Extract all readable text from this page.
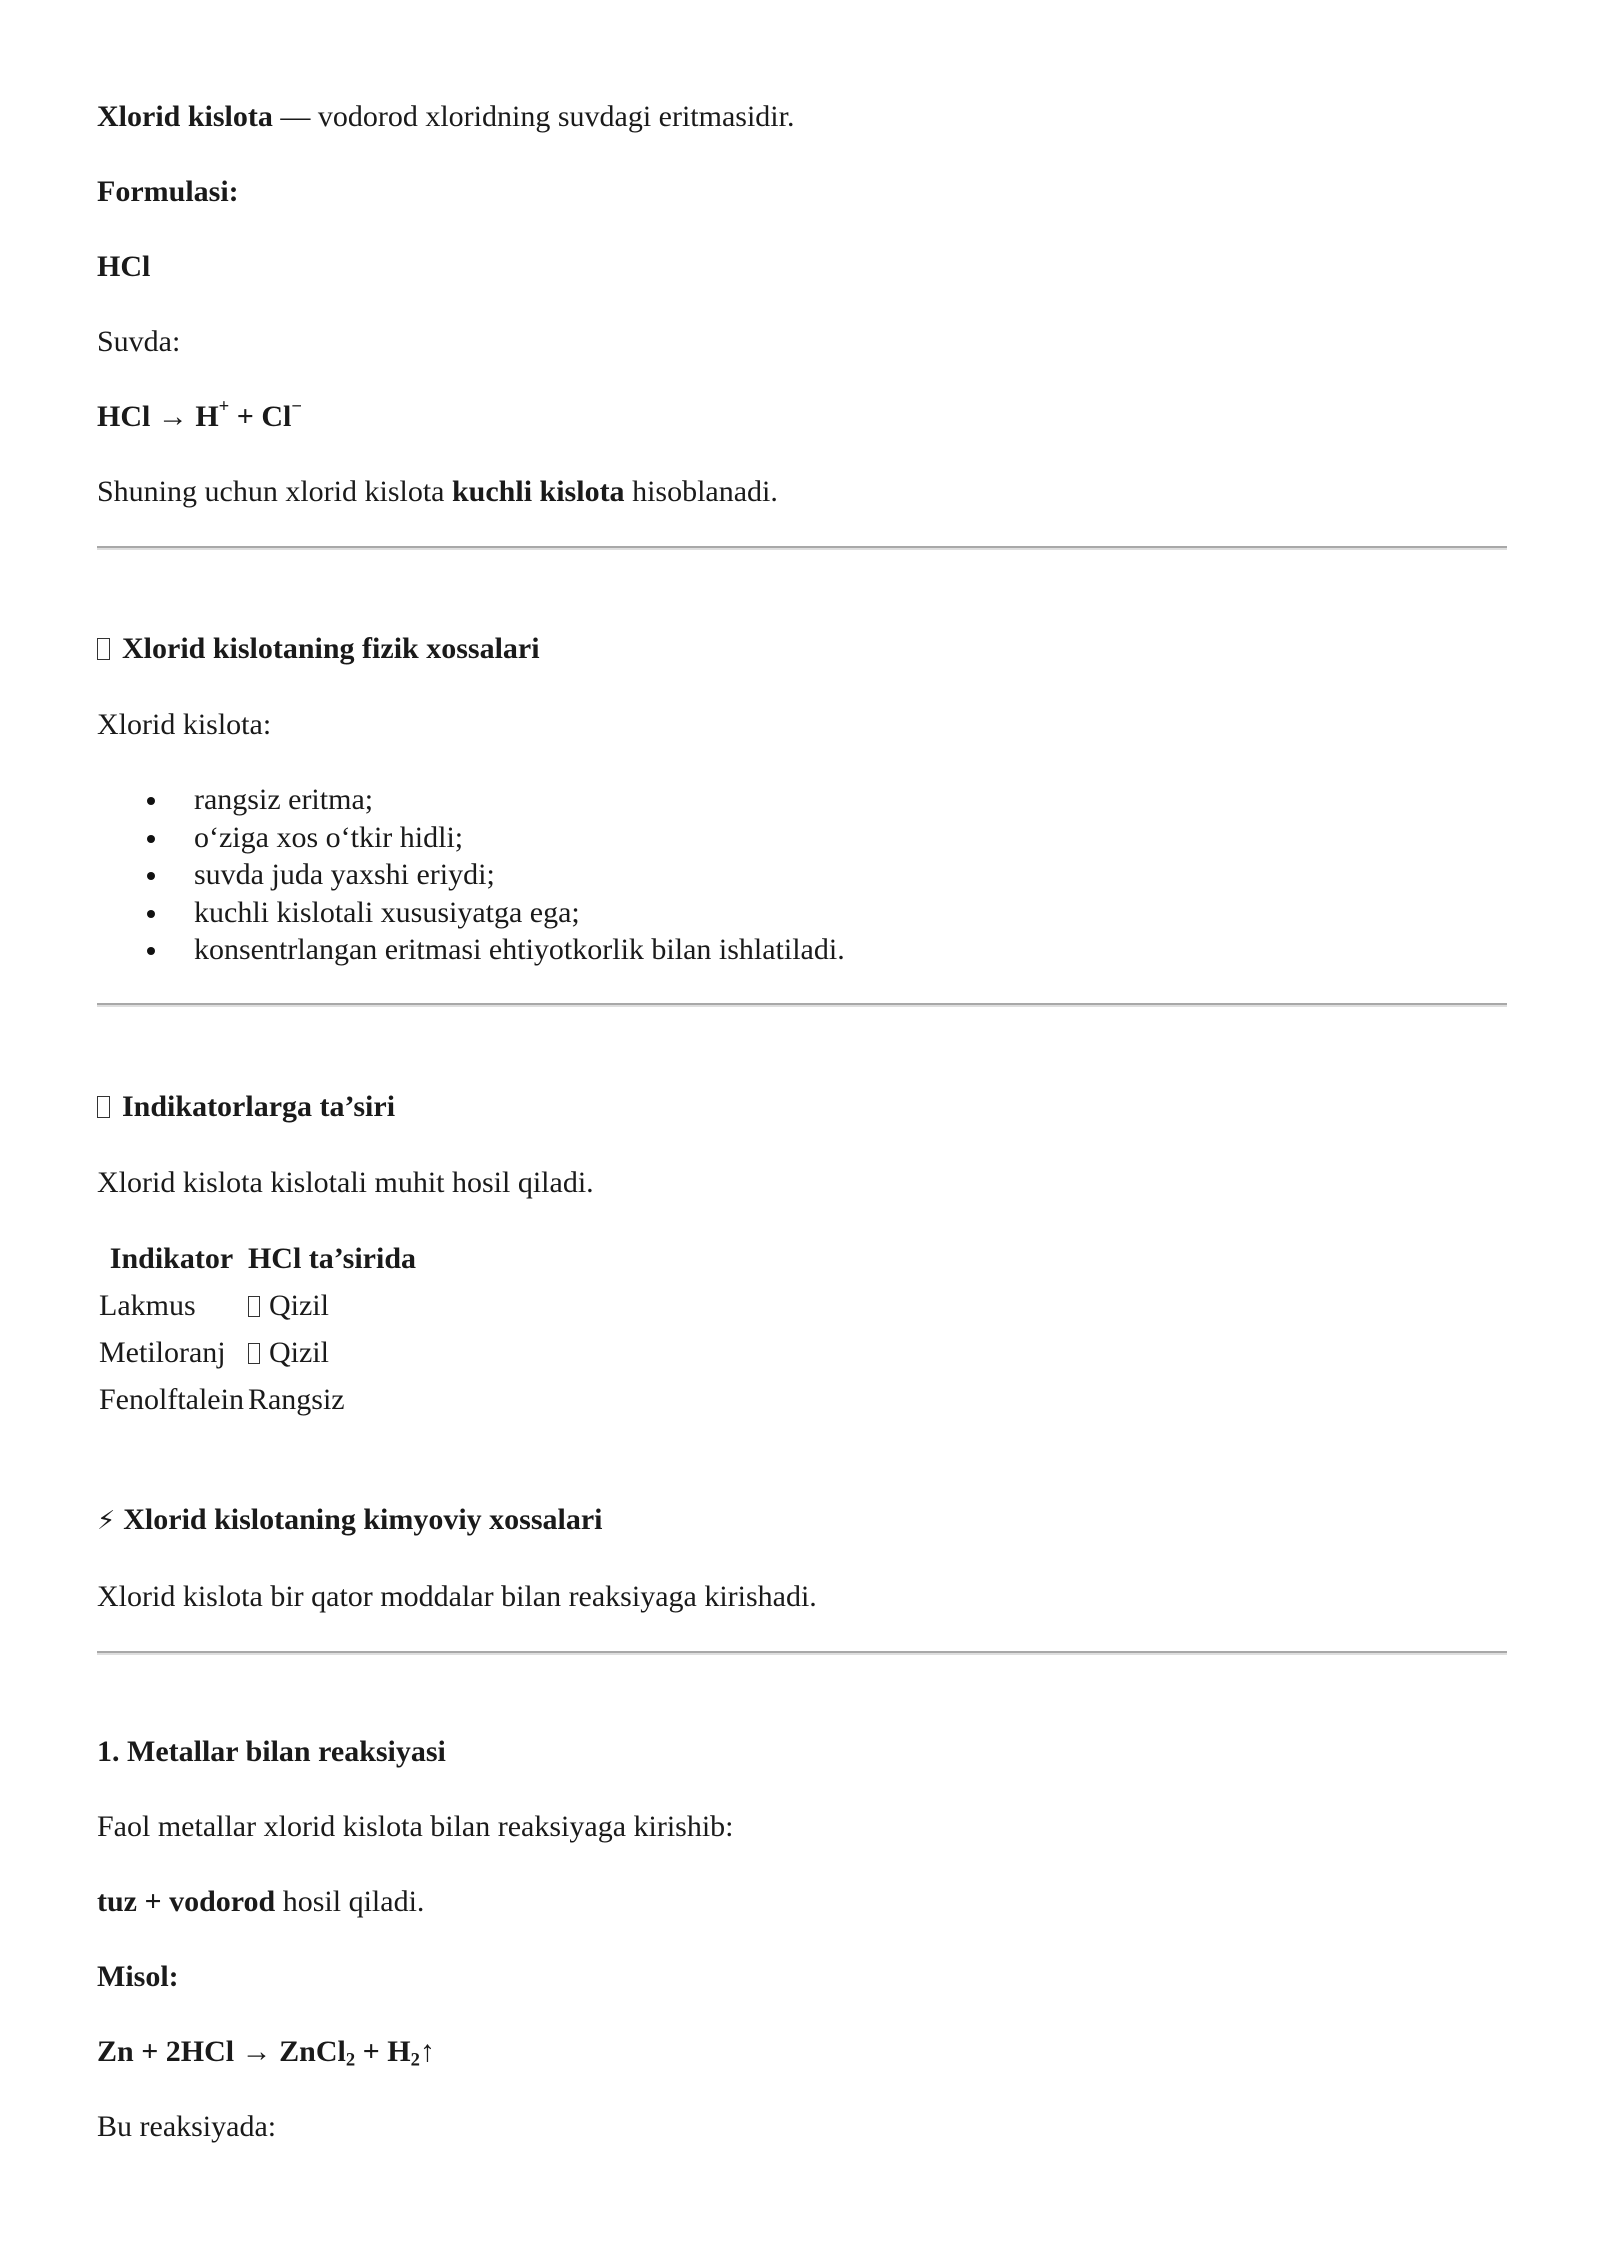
Xlorid kislota — vodorod xloridning suvdagi eritmasidir.
Formulasi:
HCl
Suvda:
HCl → H+ + Cl−
Shuning uchun xlorid kislota kuchli kislota hisoblanadi.
Xlorid kislotaning fizik xossalari
Xlorid kislota:
rangsiz eritma;
o‘ziga xos o‘tkir hidli;
suvda juda yaxshi eriydi;
kuchli kislotali xususiyatga ega;
konsentrlangan eritmasi ehtiyotkorlik bilan ishlatiladi.
Indikatorlarga ta’siri
Xlorid kislota kislotali muhit hosil qiladi.
Indikator	HCl ta’sirida
Lakmus	Qizil
Metiloranj	Qizil
Fenolftalein	Rangsiz
⚡ Xlorid kislotaning kimyoviy xossalari
Xlorid kislota bir qator moddalar bilan reaksiyaga kirishadi.
1. Metallar bilan reaksiyasi
Faol metallar xlorid kislota bilan reaksiyaga kirishib:
tuz + vodorod hosil qiladi.
Misol:
Zn + 2HCl → ZnCl$_2$ + $H_2↑$
Bu reaksiyada:
